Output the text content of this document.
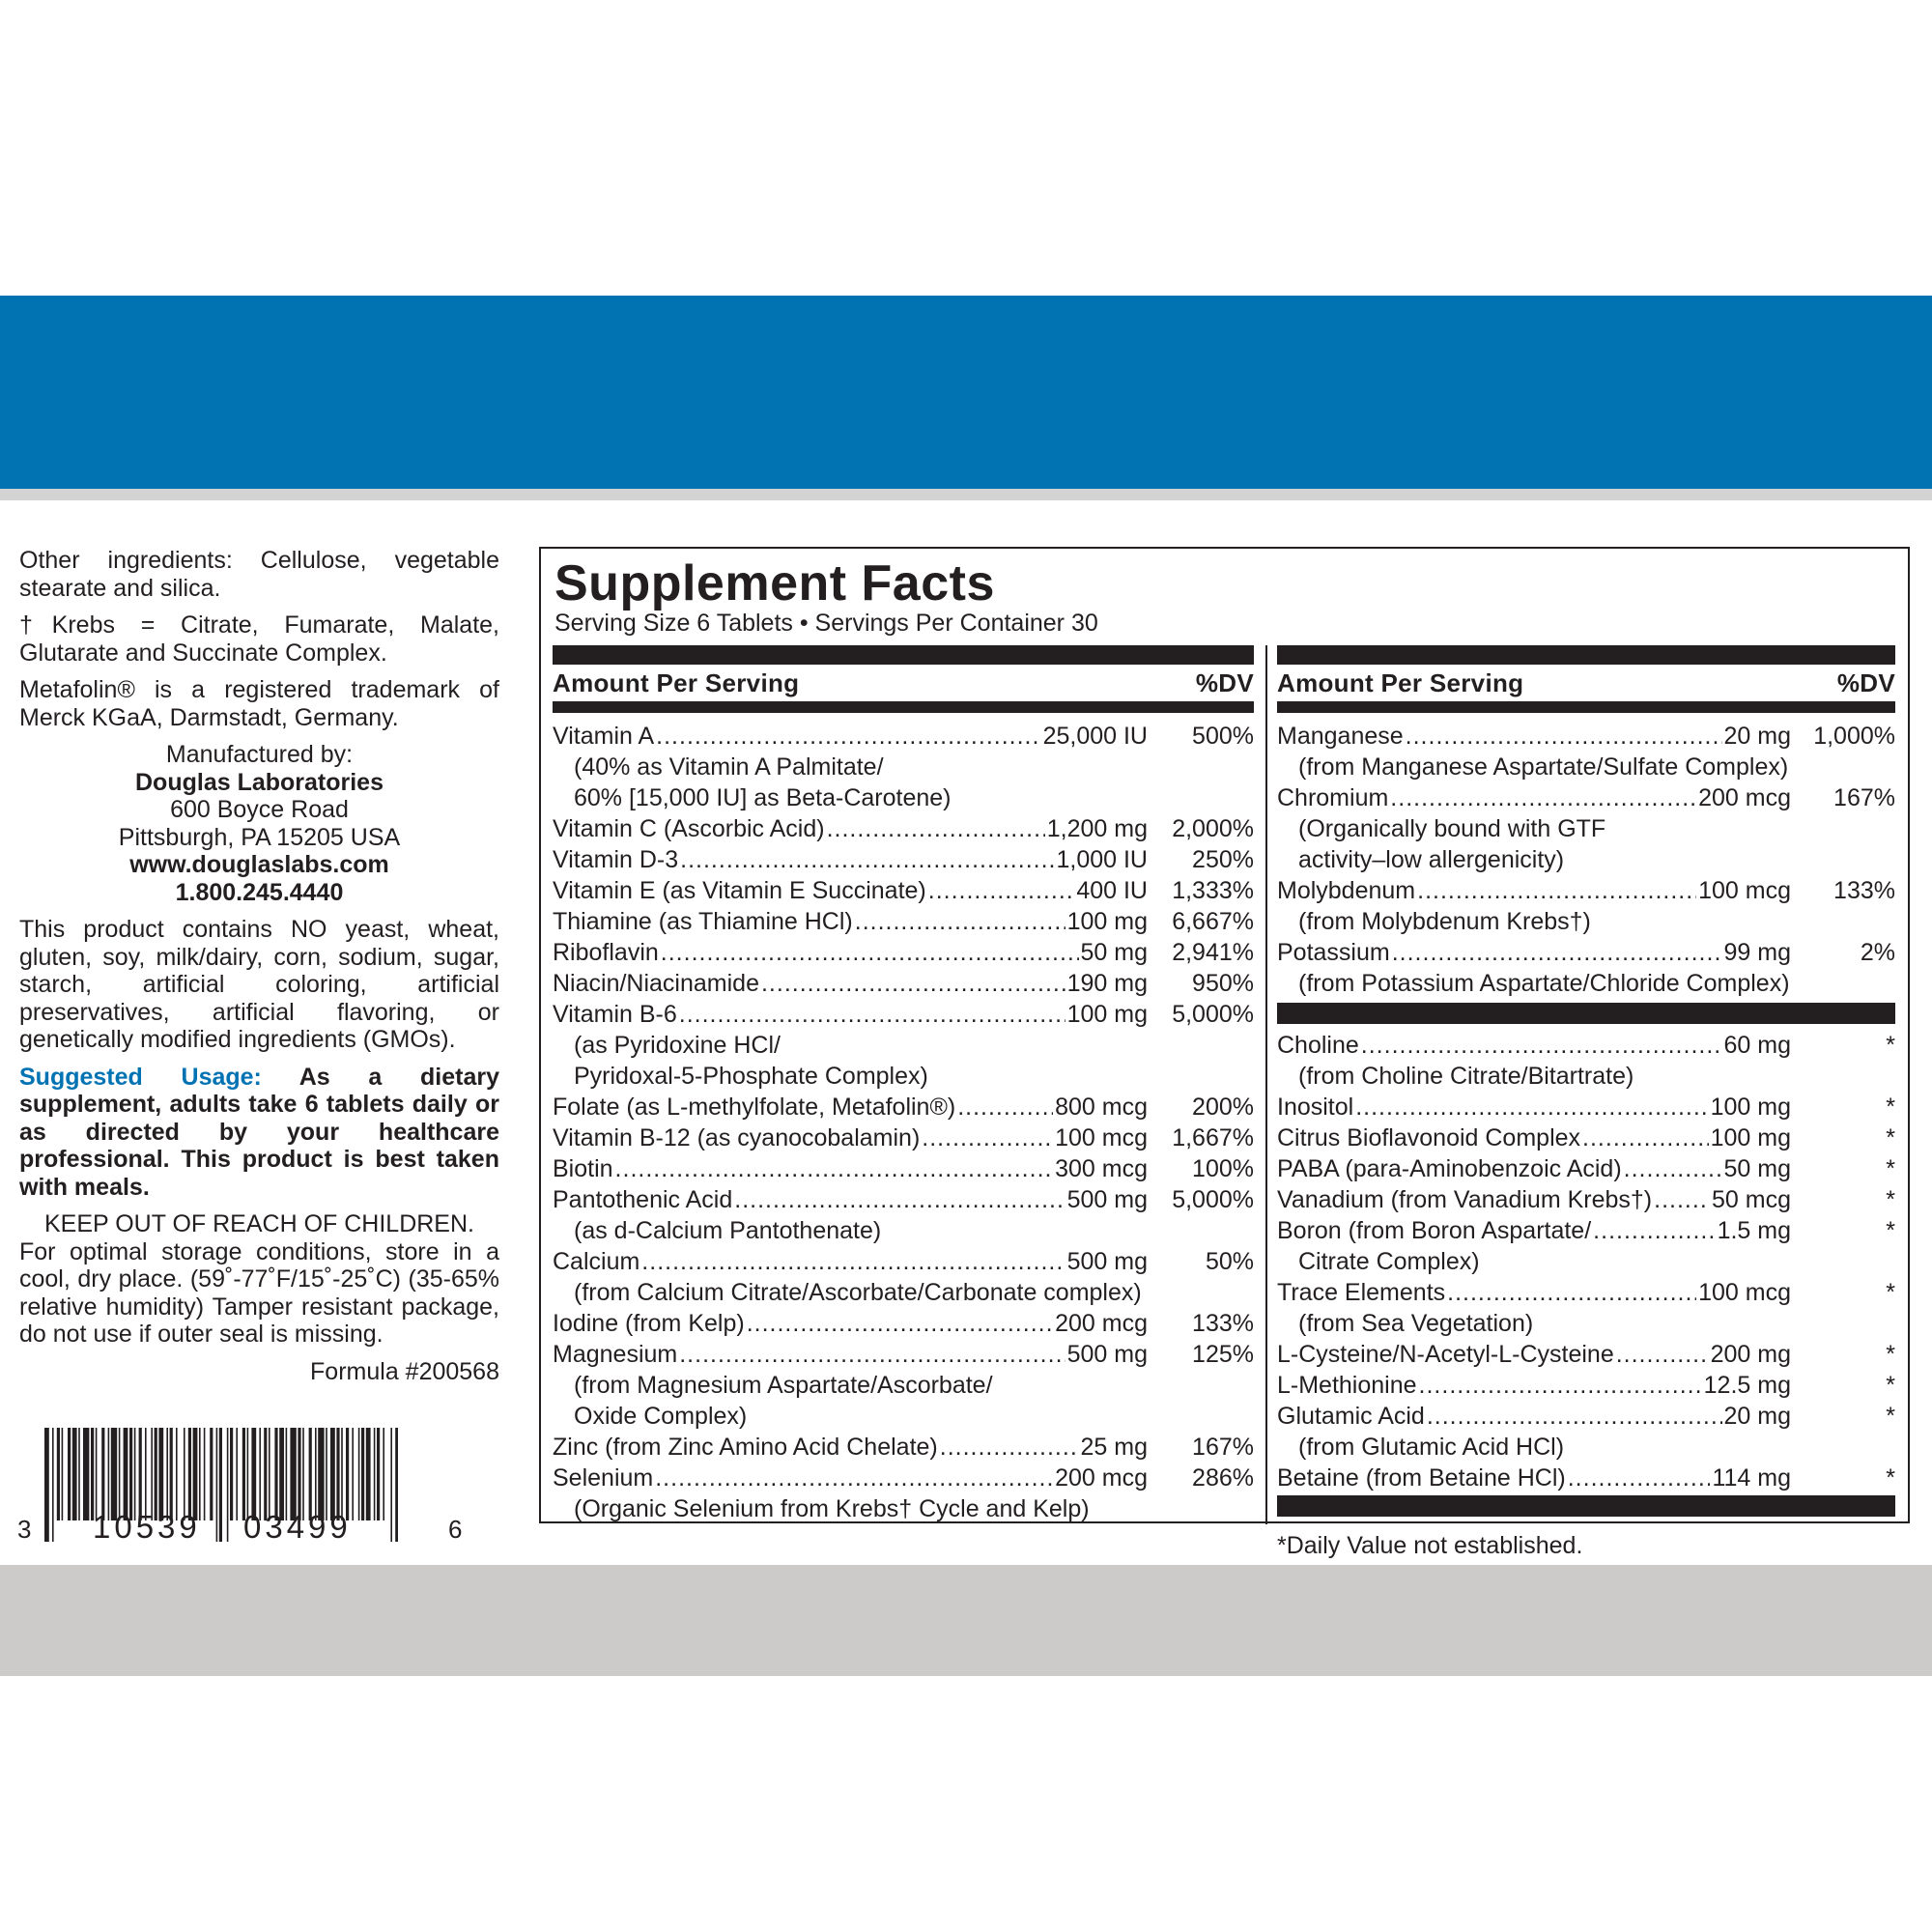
Other ingredients: Cellulose, vegetable stearate and silica.

†Krebs = Citrate, Fumarate, Malate, Glutarate and Succinate Complex.

Metafolin® is a registered trademark of Merck KGaA, Darmstadt, Germany.

Manufactured by:

Douglas Laboratories

600 Boyce Road

Pittsburgh, PA 15205 USA

www.douglaslabs.com

1.800.245.4440

This product contains NO yeast, wheat, gluten, soy, milk/dairy, corn, sodium, sugar, starch, artificial coloring, artificial preservatives, artificial flavoring, or genetically modified ingredients (GMOs).

Suggested Usage: As a dietary supplement, adults take 6 tablets daily or as directed by your healthcare professional. This product is best taken with meals.

KEEP OUT OF REACH OF CHILDREN.

For optimal storage conditions, store in a cool, dry place. (59˚-77˚F/15˚-25˚C) (35-65% relative humidity) Tamper resistant package, do not use if outer seal is missing.

Formula #200568

3 10539 03499	6
Supplement Facts
Serving Size 6 Tablets • Servings Per Container 30
Amount Per Serving	%DV
Vitamin A .....	25,000 IU	500%
(40% as Vitamin A Palmitate/
60% [15,000 IU] as Beta-Carotene)
Vitamin C (Ascorbic Acid) .....	1,200 mg	2,000%
Vitamin D-3 .....	1,000 IU	250%
Vitamin E (as Vitamin E Succinate) .....	400 IU	1,333%
Thiamine (as Thiamine HCl) .....	100 mg	6,667%
Riboflavin .....	50 mg	2,941%
Niacin/Niacinamide .....	190 mg	950%
Vitamin B-6 .....	100 mg	5,000%
(as Pyridoxine HCl/
Pyridoxal-5-Phosphate Complex)
Folate (as L-methylfolate, Metafolin®) .....	800 mcg	200%
Vitamin B-12 (as cyanocobalamin) .....	100 mcg	1,667%
Biotin .....	300 mcg	100%
Pantothenic Acid .....	500 mg	5,000%
(as d-Calcium Pantothenate)
Calcium .....	500 mg	50%
(from Calcium Citrate/Ascorbate/Carbonate complex)
Iodine (from Kelp) .....	200 mcg	133%
Magnesium .....	500 mg	125%
(from Magnesium Aspartate/Ascorbate/
Oxide Complex)
Zinc (from Zinc Amino Acid Chelate) .....	25 mg	167%
Selenium .....	200 mcg	286%
(Organic Selenium from Krebs† Cycle and Kelp)
Amount Per Serving	%DV
Manganese .....	20 mg 1,000%
(from Manganese Aspartate/Sulfate Complex)
Chromium .....	200 mcg	167%
(Organically bound with GTF
activity–low allergenicity)
Molybdenum .....	100 mcg	133%
(from Molybdenum Krebs†)
Potassium .....	99 mg	2%
(from Potassium Aspartate/Chloride Complex)
Choline .....	60 mg	*
(from Choline Citrate/Bitartrate)
Inositol .....	100 mg	*
Citrus Bioflavonoid Complex .....	100 mg	*
PABA (para-Aminobenzoic Acid) .....	50 mg	*
Vanadium (from Vanadium Krebs†) ..... 50 mcg	*
Boron (from Boron Aspartate/ .....	1.5 mg	*
Citrate Complex)
Trace Elements .....	100 mcg	*
(from Sea Vegetation)
L-Cysteine/N-Acetyl-L-Cysteine .....	200 mg	*
L-Methionine .....	12.5 mg	*
Glutamic Acid .....	20 mg	*
(from Glutamic Acid HCl)
Betaine (from Betaine HCl) .....	114 mg	*
*Daily Value not established.
